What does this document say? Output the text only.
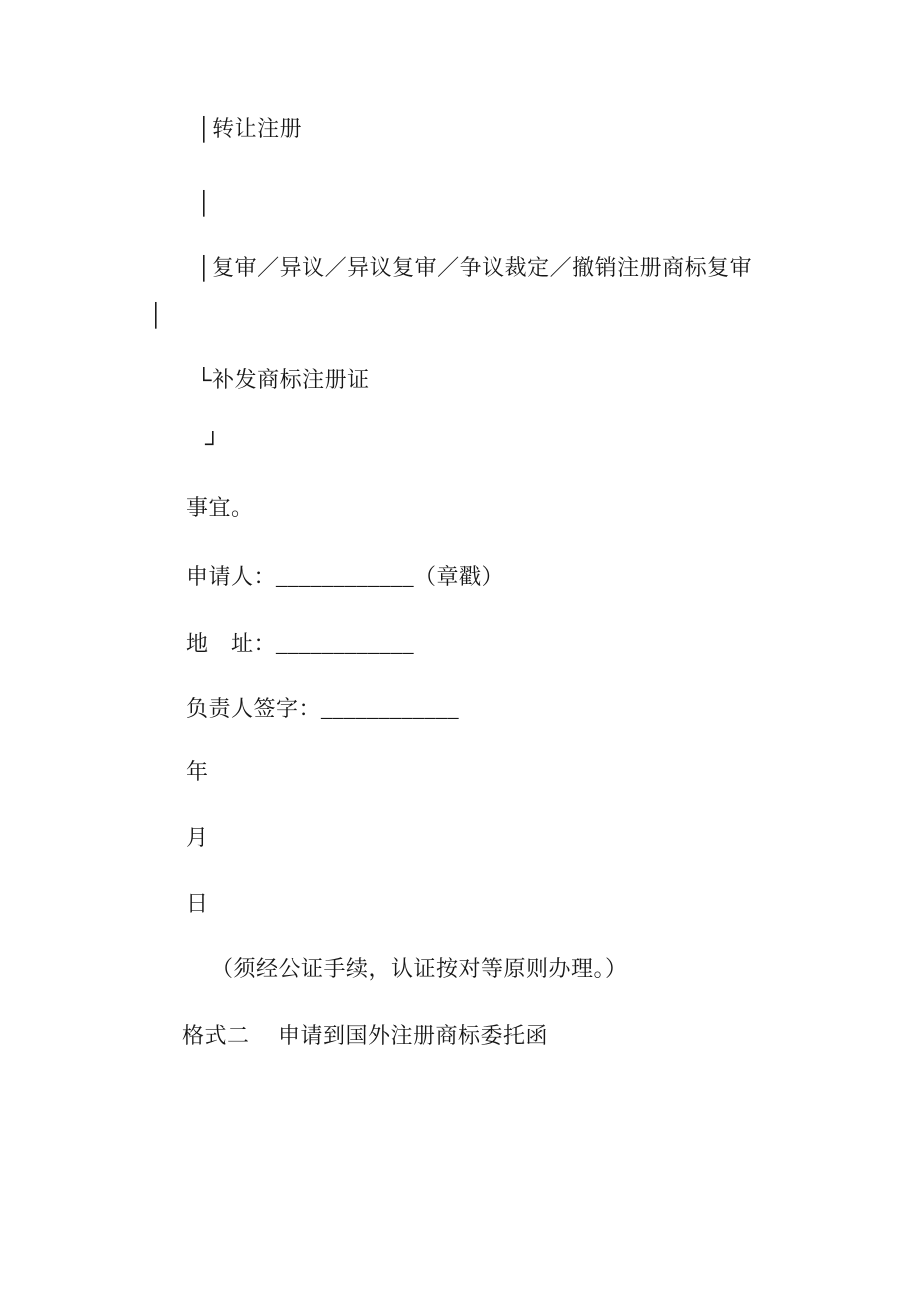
│转让注册

│

│复审／异议／异议复审／争议裁定／撤销注册商标复审

│

└补发商标注册证

┘

事宜。

申请人：____________（章戳）

地　址：____________

负责人签字：____________

年

月

日

（须经公证手续，认证按对等原则办理。）

格式二　 申请到国外注册商标委托函
